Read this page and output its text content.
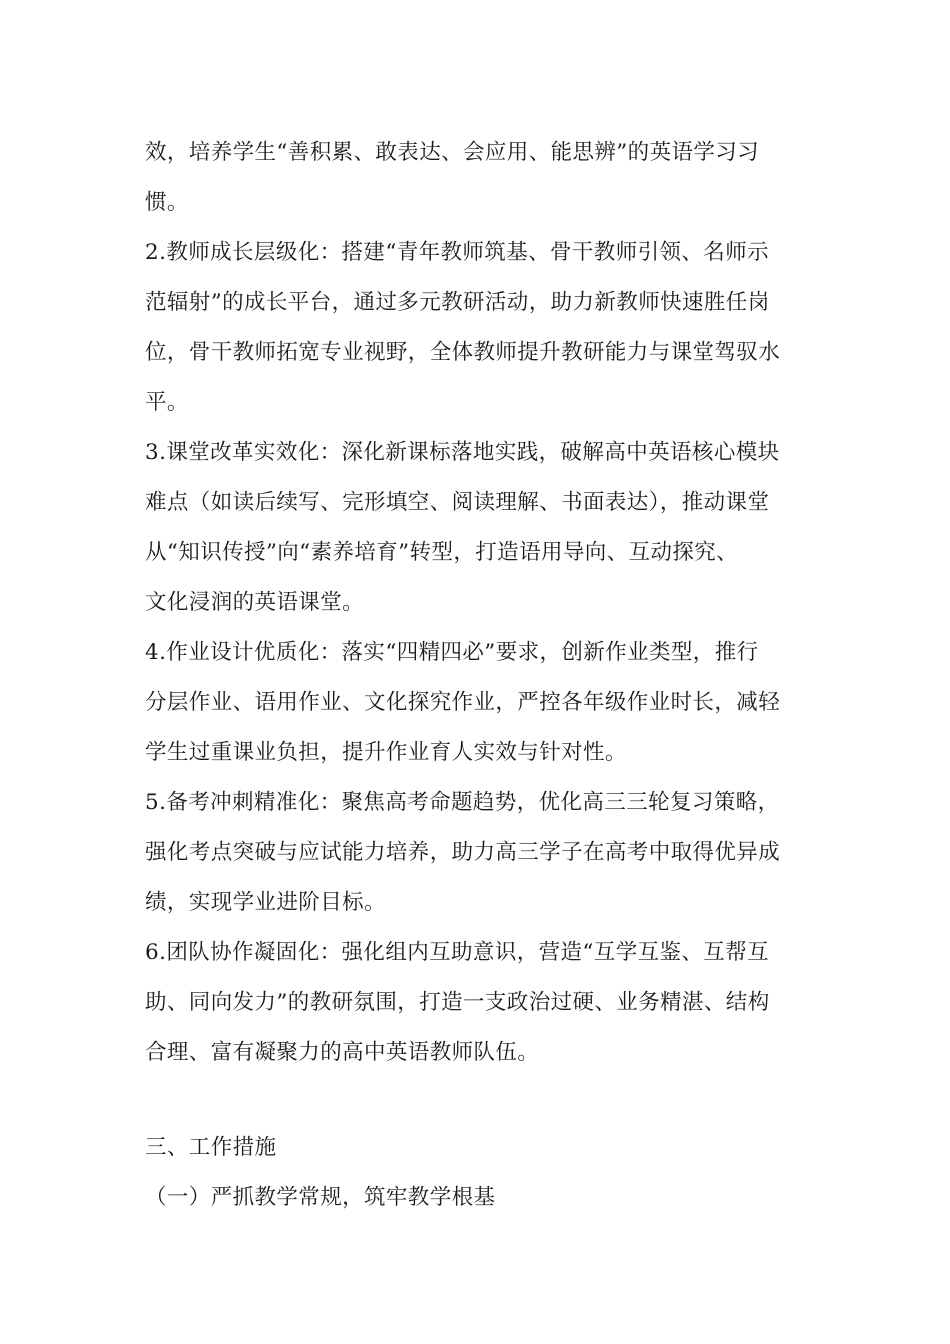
效，培养学生“善积累、敢表达、会应用、能思辨”的英语学习习
惯。
2.教师成长层级化：搭建“青年教师筑基、骨干教师引领、名师示
范辐射”的成长平台，通过多元教研活动，助力新教师快速胜任岗
位，骨干教师拓宽专业视野，全体教师提升教研能力与课堂驾驭水
平。
3.课堂改革实效化：深化新课标落地实践，破解高中英语核心模块
难点（如读后续写、完形填空、阅读理解、书面表达），推动课堂
从“知识传授”向“素养培育”转型，打造语用导向、互动探究、
文化浸润的英语课堂。
4.作业设计优质化：落实“四精四必”要求，创新作业类型，推行
分层作业、语用作业、文化探究作业，严控各年级作业时长，减轻
学生过重课业负担，提升作业育人实效与针对性。
5.备考冲刺精准化：聚焦高考命题趋势，优化高三三轮复习策略，
强化考点突破与应试能力培养，助力高三学子在高考中取得优异成
绩，实现学业进阶目标。
6.团队协作凝固化：强化组内互助意识，营造“互学互鉴、互帮互
助、同向发力”的教研氛围，打造一支政治过硬、业务精湛、结构
合理、富有凝聚力的高中英语教师队伍。
三、工作措施
（一）严抓教学常规，筑牢教学根基
